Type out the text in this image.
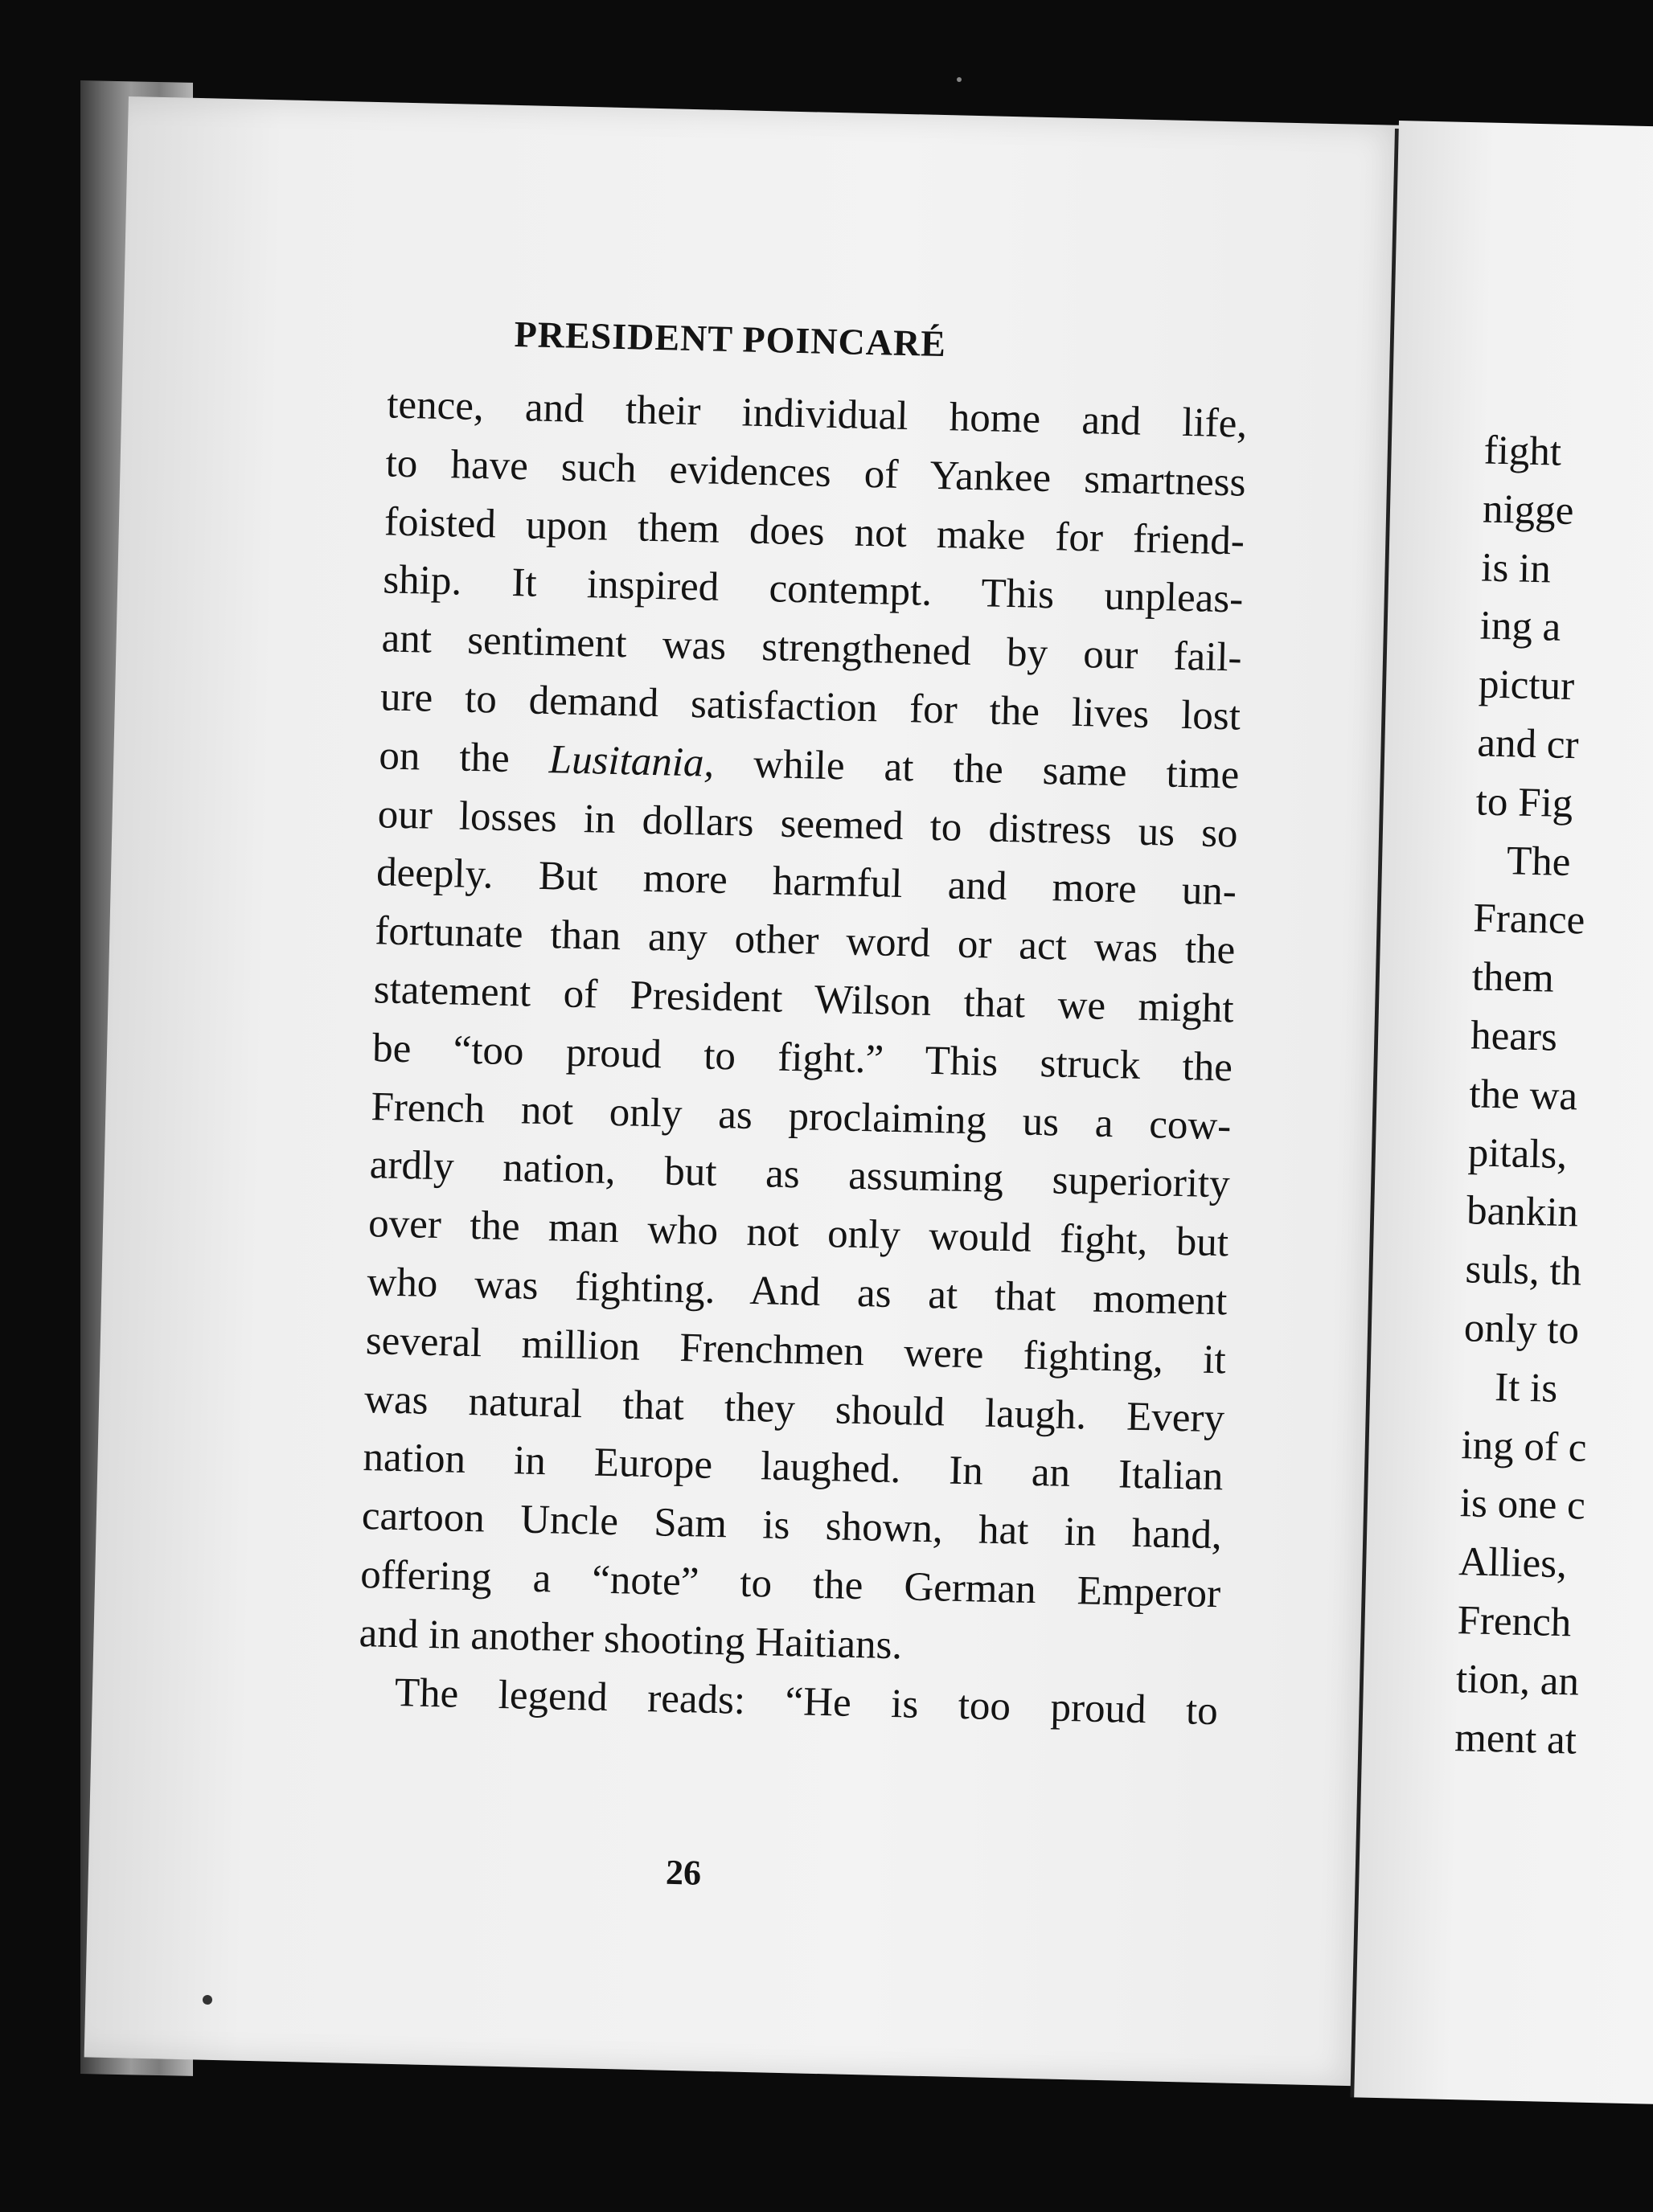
PRESIDENT POINCARÉ
tence, and their individual home and life,
to have such evidences of Yankee smartness
foisted upon them does not make for friend-
ship. It inspired contempt. This unpleas-
ant sentiment was strengthened by our fail-
ure to demand satisfaction for the lives lost
on the Lusitania, while at the same time
our losses in dollars seemed to distress us so
deeply. But more harmful and more un-
fortunate than any other word or act was the
statement of President Wilson that we might
be “too proud to fight.” This struck the
French not only as proclaiming us a cow-
ardly nation, but as assuming superiority
over the man who not only would fight, but
who was fighting. And as at that moment
several million Frenchmen were fighting, it
was natural that they should laugh. Every
nation in Europe laughed. In an Italian
cartoon Uncle Sam is shown, hat in hand,
offering a “note” to the German Emperor
and in another shooting Haitians.
The legend reads: “He is too proud to
26
fight
nigge
is in
ing a
pictur
and cr
to Fig
The
France
them
hears
the wa
pitals,
bankin
suls, th
only to
It is
ing of c
is one c
Allies,
French
tion, an
ment at
